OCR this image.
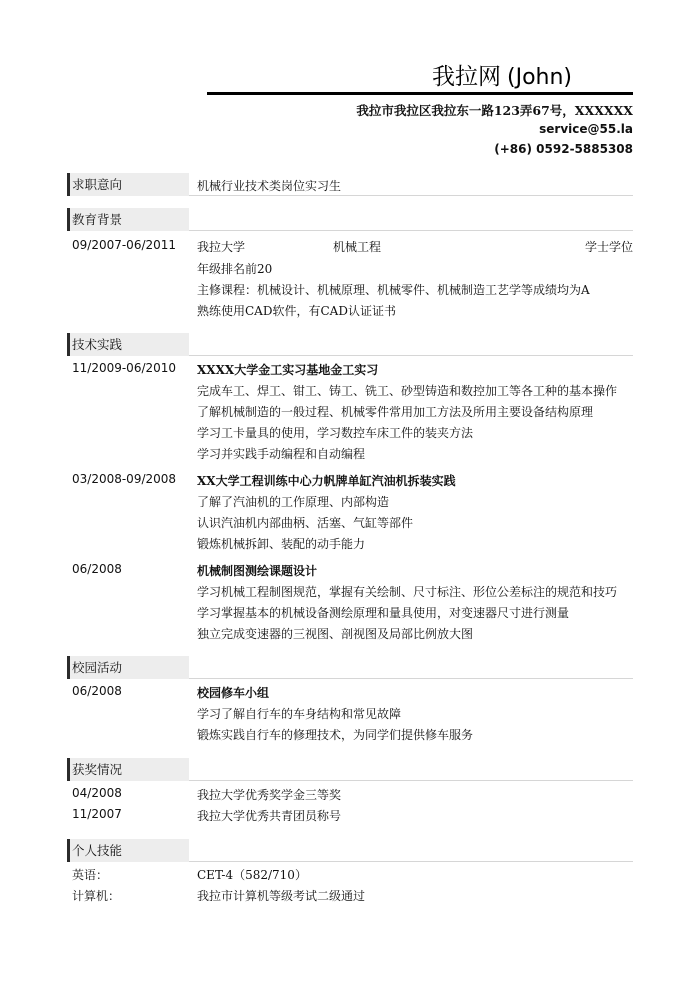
我拉网 (John)
我拉市我拉区我拉东一路123弄67号，XXXXXX
service@55.la
(+86) 0592-5885308
求职意向	机械行业技术类岗位实习生
教育背景
09/2007-06/2011 我拉大学	机械工程	学士学位
年级排名前20
主修课程：机械设计、机械原理、机械零件、机械制造工艺学等成绩均为A
熟练使用CAD软件，有CAD认证证书
技术实践
11/2009-06/2010 XXXX大学金工实习基地金工实习
完成车工、焊工、钳工、铸工、铣工、砂型铸造和数控加工等各工种的基本操作
了解机械制造的一般过程、机械零件常用加工方法及所用主要设备结构原理
学习工卡量具的使用，学习数控车床工件的装夹方法
学习并实践手动编程和自动编程
03/2008-09/2008 XX大学工程训练中心力帆牌单缸汽油机拆装实践
了解了汽油机的工作原理、内部构造
认识汽油机内部曲柄、活塞、气缸等部件
锻炼机械拆卸、装配的动手能力
06/2008	机械制图测绘课题设计
学习机械工程制图规范，掌握有关绘制、尺寸标注、形位公差标注的规范和技巧
学习掌握基本的机械设备测绘原理和量具使用，对变速器尺寸进行测量
独立完成变速器的三视图、剖视图及局部比例放大图
校园活动
06/2008	校园修车小组
学习了解自行车的车身结构和常见故障
锻炼实践自行车的修理技术，为同学们提供修车服务
获奖情况
04/2008	我拉大学优秀奖学金三等奖
11/2007	我拉大学优秀共青团员称号
个人技能
英语：	CET-4（582/710）
计算机：	我拉市计算机等级考试二级通过
